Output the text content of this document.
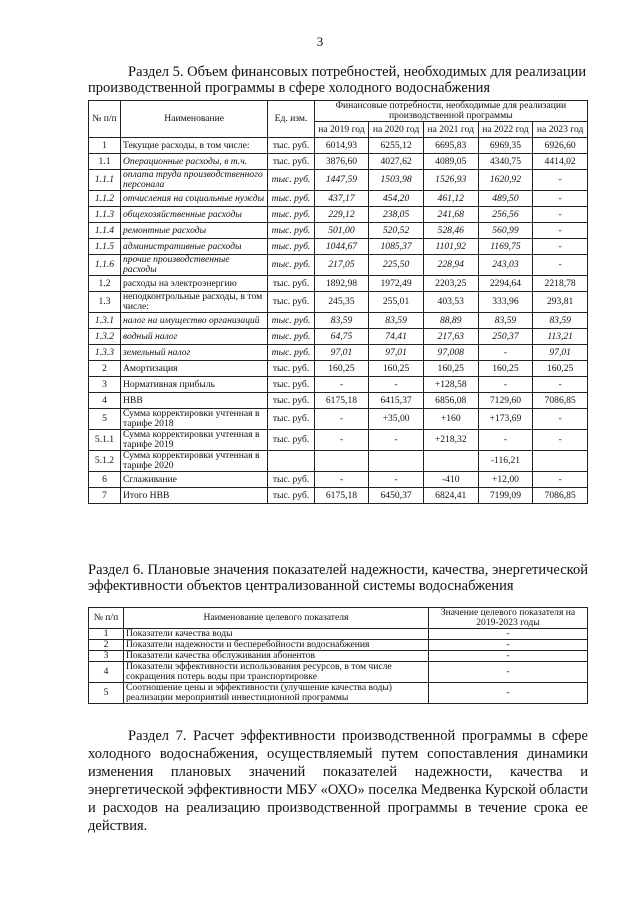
3
Раздел 5. Объем финансовых потребностей, необходимых для реализации
производственной программы в сфере холодного водоснабжения
№ п/п	Наименование	Ед. изм.	Финансовые потребности, необходимые для реализации производственной программы				
			на 2019 год	на 2020 год	на 2021 год	на 2022 год	на 2023 год
1	Текущие расходы, в том числе:	тыс. руб.	6014,93	6255,12	6695,83	6969,35	6926,60
1.1	Операционные расходы, в т.ч.	тыс. руб.	3876,60	4027,62	4089,05	4340,75	4414,02
1.1.1	оплата труда производственного персонала	тыс. руб.	1447,59	1503,98	1526,93	1620,92	-
1.1.2	отчисления на социальные нужды	тыс. руб.	437,17	454,20	461,12	489,50	-
1.1.3	общехозяйственные расходы	тыс. руб.	229,12	238,05	241,68	256,56	-
1.1.4	ремонтные расходы	тыс. руб.	501,00	520,52	528,46	560,99	-
1.1.5	административные расходы	тыс. руб.	1044,67	1085,37	1101,92	1169,75	-
1.1.6	прочие производственные расходы	тыс. руб.	217,05	225,50	228,94	243,03	-
1.2	расходы на электроэнергию	тыс. руб.	1892,98	1972,49	2203,25	2294,64	2218,78
1.3	неподконтрольные расходы, в том числе:	тыс. руб.	245,35	255,01	403,53	333,96	293,81
1.3.1	налог на имущество организаций	тыс. руб.	83,59	83,59	88,89	83,59	83,59
1.3.2	водный налог	тыс. руб.	64,75	74,41	217,63	250,37	113,21
1.3.3	земельный налог	тыс. руб.	97,01	97,01	97,008	-	97,01
2	Амортизация	тыс. руб.	160,25	160,25	160,25	160,25	160,25
3	Нормативная прибыль	тыс. руб.	-	-	+128,58	-	-
4	НВВ	тыс. руб.	6175,18	6415,37	6856,08	7129,60	7086,85
5	Сумма корректировки учтенная в тарифе 2018	тыс. руб.	-	+35,00	+160	+173,69	-
5.1.1	Сумма корректировки учтенная в тарифе 2019	тыс. руб.	-	-	+218,32	-	-
5.1.2	Сумма корректировки учтенная в тарифе 2020					-116,21	
6	Сглаживание	тыс. руб.	-	-	-410	+12,00	-
7	Итого НВВ	тыс. руб.	6175,18	6450,37	6824,41	7199,09	7086,85
Раздел 6. Плановые значения показателей надежности, качества, энергетической эффективности объектов централизованной системы водоснабжения
№ п/п	Наименование целевого показателя	Значение целевого показателя на 2019-2023 годы
1	Показатели качества воды	-
2	Показатели надежности и бесперебойности водоснабжения	-
3	Показатели качества обслуживания абонентов	-
4	Показатели эффективности использования ресурсов, в том числе сокращения потерь воды при транспортировке	-
5	Соотношение цены и эффективности (улучшение качества воды) реализации мероприятий инвестиционной программы	-
Раздел 7. Расчет эффективности производственной программы в сфере холодного водоснабжения, осуществляемый путем сопоставления динамики изменения плановых значений показателей надежности, качества и энергетической эффективности МБУ «ОХО» поселка Медвенка Курской области и расходов на реализацию производственной программы в течение срока ее действия.
